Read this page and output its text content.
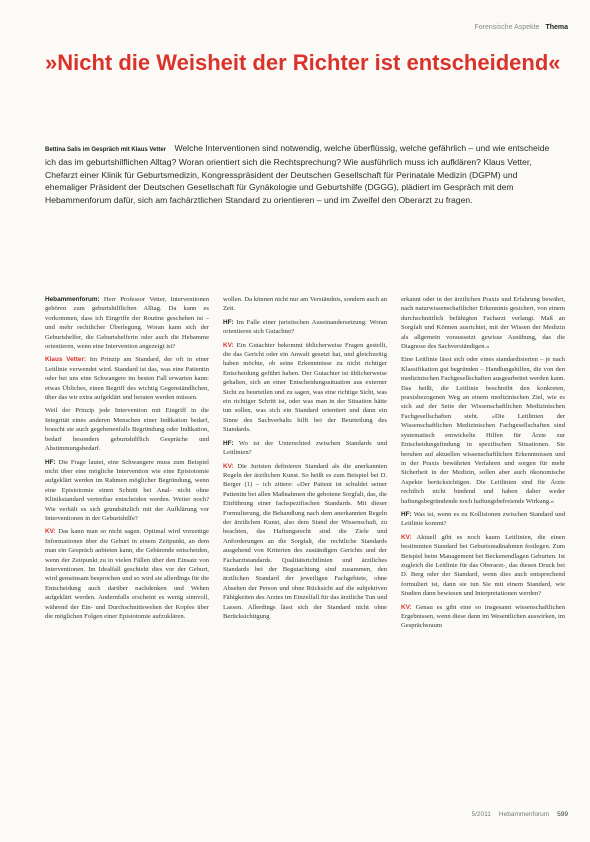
Forensische Aspekte Thema
»Nicht die Weisheit der Richter ist entscheidend«

Bettina Salis im Gespräch mit Klaus Vetter Welche Interventionen sind notwendig, welche überflüssig, welche gefährlich – und wie entscheide ich das im geburtshilflichen Alltag? Woran orientiert sich die Rechtsprechung? Wie ausführlich muss ich aufklären? Klaus Vetter, Chefarzt einer Klinik für Geburtsmedizin, Kongresspräsident der Deutschen Gesellschaft für Perinatale Medizin (DGPM) und ehemaliger Präsident der Deutschen Gesellschaft für Gynäkologie und Geburtshilfe (DGGG), plädiert im Gespräch mit dem Hebammenforum dafür, sich am fachärztlichen Standard zu orientieren – und im Zweifel den Oberarzt zu fragen.

Hebammenforum: Herr Professor Vetter, Interventionen gehören zum geburtshilflichen Alltag. Da kann es vorkommen, dass ich Eingriffe der Routine geschehen ist – und mehr rechtlicher Überlegung. Woran kann sich der Geburtshelfer, die Geburtshelferin oder auch die Hebamme orientieren, wenn eine Intervention angezeigt ist?

Klaus Vetter: Im Prinzip am Standard, der oft in einer Leitlinie verwendet wird. Standard ist das, was eine Patientin oder bei uns eine Schwangere im besten Fall erwarten kann: etwas Übliches, einen Begriff des wichtig Gegenständlichen, über das wir extra aufgeklärt und beraten werden müssen.

Weil der Prinzip jede Intervention mit Eingriff in die Integrität eines anderen Menschen einer Indikation bedarf, braucht sie auch gegebenenfalls Begründung oder Indikation, bedarf besonders geburtshilflich Gespräche und Abstimmungsbedarf.

HF: Die Frage lautet, eine Schwangere muss zum Beispiel nicht über eine mögliche Intervention wie eine Episiotomie aufgeklärt werden im Rahmen möglicher Begründung, wenn eine Episiotomie einen Schnitt bei Anal- nicht ohne Klinikstandard vertretbar entscheiden werden. Weiter noch? Wie verhält es sich grundsätzlich mit der Aufklärung vor Interventionen in der Geburtshilfe?

KV: Das kann man so nicht sagen. Optimal wird vorzeitige Informationen über die Geburt in einem Zeitpunkt, an dem man ein Gespräch anbieten kann, die Gebärende entscheiden, wenn der Zeitpunkt zu in vielen Fällen über den Einsatz von Interventionen. Im Idealfall geschieht dies vor der Geburt, wird gemeinsam besprochen und so wird sie allerdings für die Entscheidung auch darüber nachdenken und Wehen aufgeklärt werden. Andernfalls erscheint es wenig sinnvoll, während der Ein- und Durchschnittswehen der Kopfes über die möglichen Folgen einer Episiotomie aufzuklären.

wollen. Da können nicht nur am Verständnis, sondern auch an Zeit.

HF: Im Falle einer juristischen Auseinandersetzung: Woran orientieren sich Gutachter?

KV: Ein Gutachter bekommt üblicherweise Fragen gestellt, die das Gericht oder ein Anwalt gesetzt hat, und gleichzeitig haben möchte, ob seine Erkenntnisse zu nicht richtiger Entscheidung geführt haben. Der Gutachter ist üblicherweise gehalten, sich an einer Entscheidungssituation aus externer Sicht zu beurteilen und zu sagen, was eine richtige Sicht, was ein richtiger Schritt ist, oder was man in der Situation hätte tun sollen, was sich ein Standard orientiert und dann ein Sinne des Sachverhalts hilft bei der Beurteilung des Standards.

HF: Wo ist der Unterschied zwischen Standards und Leitlinien?

KV: Die Juristen definieren Standard als die anerkannten Regeln der ärztlichen Kunst. So heißt es zum Beispiel bei D. Berger (1) – ich zitiere: »Der Patient ist schuldet seiner Patientin bei allen Maßnahmen die gebotene Sorgfalt, das, die Einführung einer fachspezifischen Standards. Mit dieser Formulierung, die Behandlung nach dem anerkannten Regeln der ärztlichen Kunst, also dem Stand der Wissenschaft, zu beachten, das Haftungsrecht sind die Ziele und Anforderungen an die Sorgfalt, die rechtliche Standards ausgehend von Kriterien des zuständigen Gerichts und der Facharztstandards. Qualitätsrichtlinien und ärztliches Standards bei der Begutachtung sind zusammen, den ärztlichen Standard der jeweiligen Fachgebiete, ohne Absehen der Person und ohne Rücksicht auf die subjektiven Fähigkeiten des Arztes im Einzelfall für das ärztliche Tun und Lassen. Allerdings lässt sich der Standard nicht ohne Berücksichtigung

erkannt oder in der ärztlichen Praxis und Erfahrung bewährt, nach naturwissenschaftlicher Erkenntnis gesichert, von einem durchschnittlich befähigten Facharzt verlangt. Maß an Sorgfalt und Können ausrichtet, mit der Wissen der Medizin als allgemein voraussetzt gewisse Ausübung, das die Diagnose des Sachverständigen.«

Eine Leitlinie lässt sich oder eines standardisierten – je nach Klassifikation gut begründen – Handlungshilfen, die von den medizinischen Fachgesellschaften ausgearbeitet werden kann. Das heißt, die Leitlinie beschreibt den konkreten, praxisbezogenen Weg an einem medizinischen Ziel, wie es sich auf der Seite der Wissenschaftlichen Medizinischen Fachgesellschaften steht. »Die Leitlinien der Wissenschaftlichen Medizinischen Fachgesellschaften sind systematisch entwickelte Hilfen für Ärzte zur Entscheidungsfindung in spezifischen Situationen. Sie beruhen auf aktuellen wissenschaftlichen Erkenntnissen und in der Praxis bewährten Verfahren und sorgen für mehr Sicherheit in der Medizin, sollen aber auch ökonomische Aspekte berücksichtigen. Die Leitlinien sind für Ärzte rechtlich nicht bindend und haben daher weder haftungsbegründende noch haftungsbefreiende Wirkung.«

HF: Was ist, wenn es zu Kollisionen zwischen Standard und Leitlinie kommt?

KV: Aktuell gibt es noch kaum Leitlinien, die einen bestimmten Standard bei Geburtsmaßnahmen festlegen. Zum Beispiel beim Management bei Beckenendlagen Geburten. Ist zugleich die Leitlinie für das Oberarzt-, das diesen Druck bei D. Berg oder der Standard, wenn dies auch entsprechend formuliert ist, dann sie tun Sie mit einem Standard, wie Studien dann bewiesen und Interpretationen werden?

KV: Genau es gibt eine so insgesamt wissenschaftlichen Ergebnissen, wenn diese dann im Wesentlichen auswirken, im Gesprächsraum

5/2011 Hebammenforum 599
